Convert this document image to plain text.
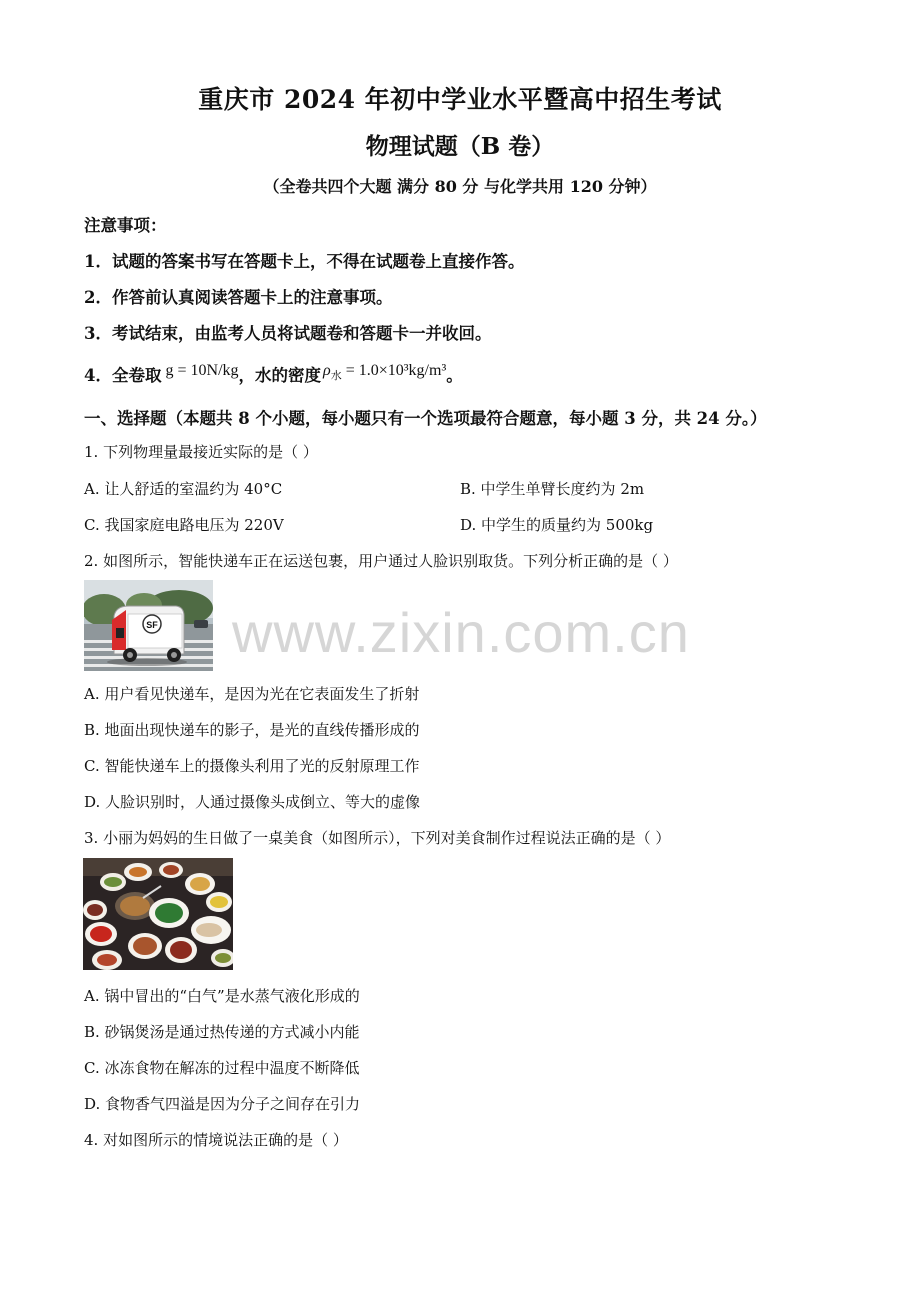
重庆市 2024 年初中学业水平暨高中招生考试
物理试题（B 卷）
（全卷共四个大题 满分 80 分 与化学共用 120 分钟）
注意事项：
1．试题的答案书写在答题卡上，不得在试题卷上直接作答。
2．作答前认真阅读答题卡上的注意事项。
3．考试结束，由监考人员将试题卷和答题卡一并收回。
4．全卷取 g = 10N/kg，水的密度 $\rho_水 = 1.0\times 10^3kg/m^3$。
一、选择题（本题共 8 个小题，每小题只有一个选项最符合题意，每小题 3 分，共 24 分。）
1. 下列物理量最接近实际的是（ ）
A. 让人舒适的室温约为 40°C	B. 中学生单臂长度约为 2m
C. 我国家庭电路电压为 220V	D. 中学生的质量约为 500kg
2. 如图所示，智能快递车正在运送包裹，用户通过人脸识别取货。下列分析正确的是（ ）
SF
A. 用户看见快递车，是因为光在它表面发生了折射
B. 地面出现快递车的影子，是光的直线传播形成的
C. 智能快递车上的摄像头利用了光的反射原理工作
D. 人脸识别时，人通过摄像头成倒立、等大的虚像
3. 小丽为妈妈的生日做了一桌美食（如图所示），下列对美食制作过程说法正确的是（ ）
A. 锅中冒出的“白气”是水蒸气液化形成的
B. 砂锅煲汤是通过热传递的方式减小内能
C. 冰冻食物在解冻的过程中温度不断降低
D. 食物香气四溢是因为分子之间存在引力
4. 对如图所示的情境说法正确的是（ ）
www.zixin.com.cn
